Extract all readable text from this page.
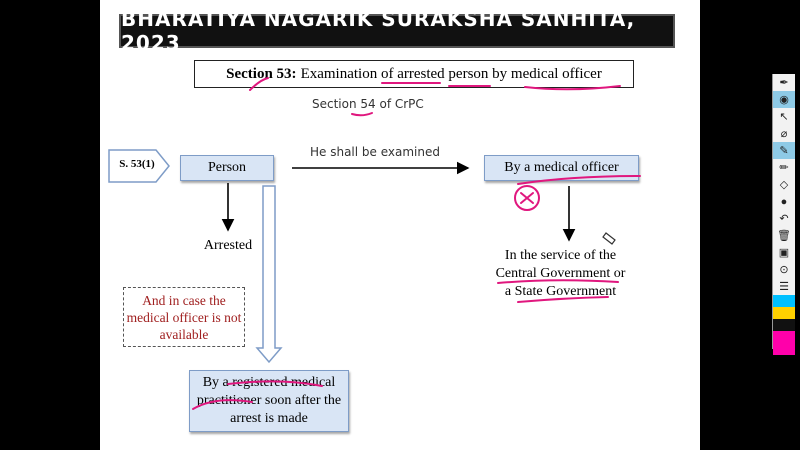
BHARATIYA NAGARIK SURAKSHA SANHITA, 2023
Section 53: Examination of arrested person by medical officer
Section 54 of CrPC
He shall be examined
S. 53(1)	Person	By a medical officer
Arrested
In the service of the
Central Government or
a State Government
And in case the medical officer is not available
By a registered medical practitioner soon after the arrest is made
✒
◉
↖
⌀
✎
✏
◇
●
↶
🗑
▣
⊙
☰
